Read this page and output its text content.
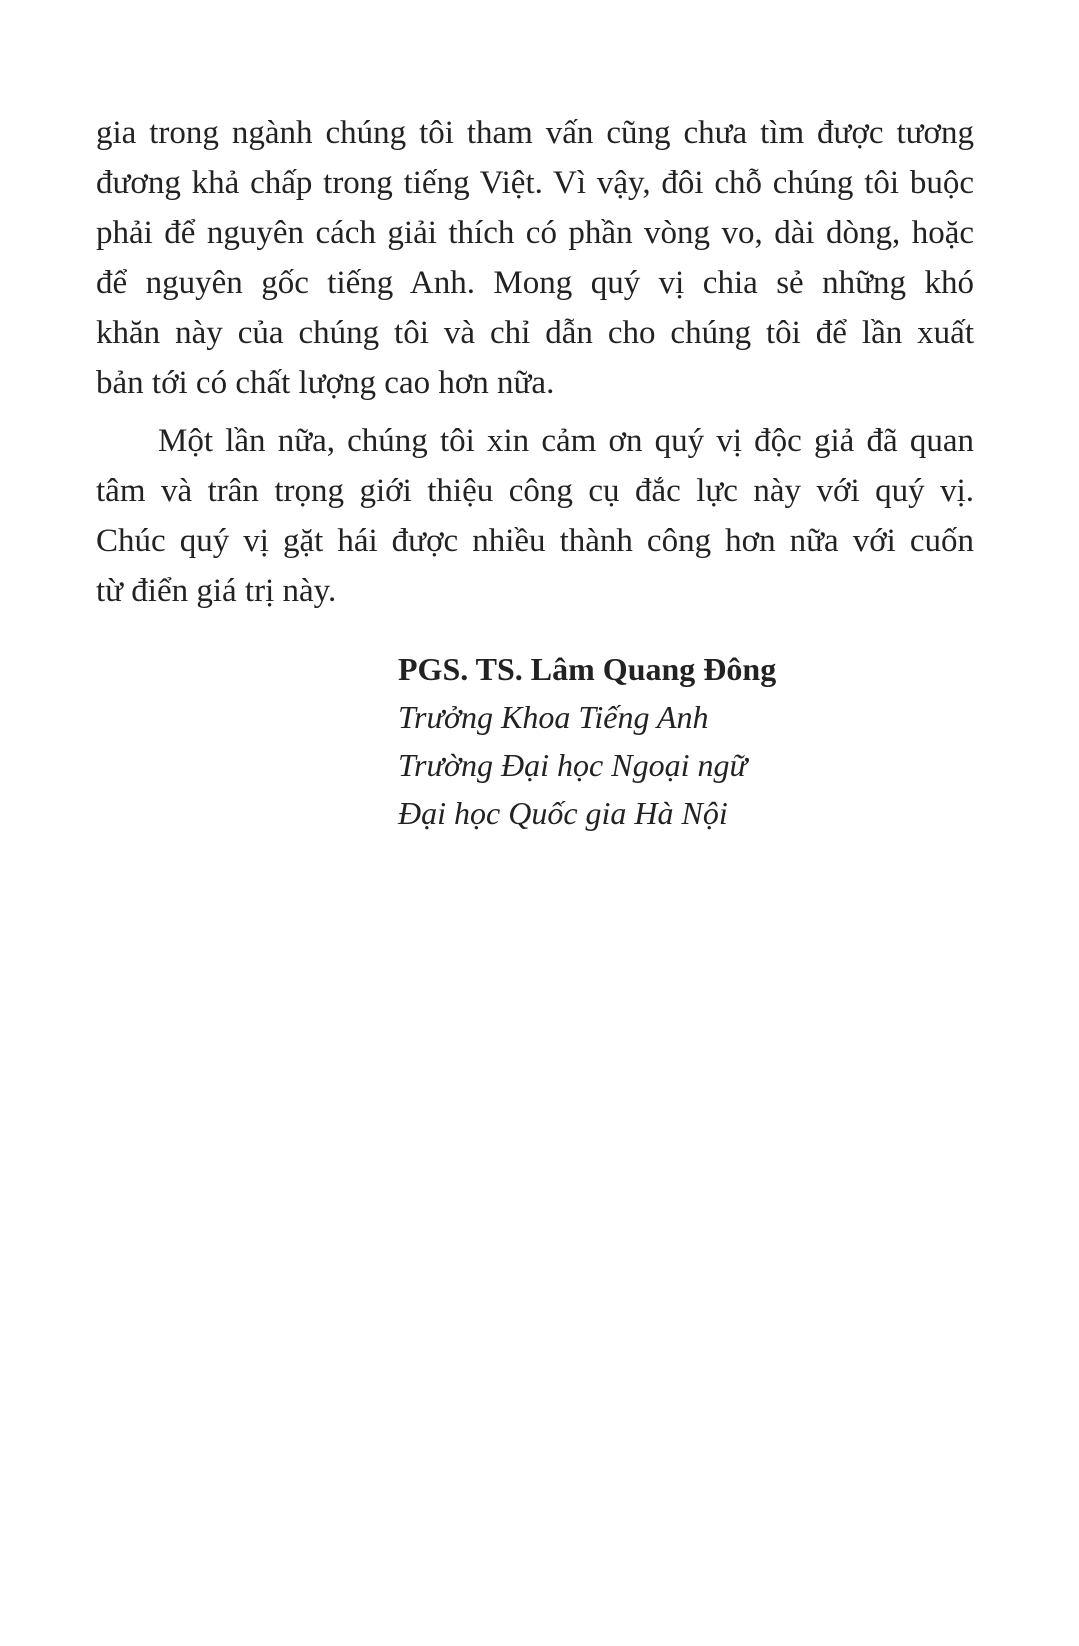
gia trong ngành chúng tôi tham vấn cũng chưa tìm được tương
đương khả chấp trong tiếng Việt. Vì vậy, đôi chỗ chúng tôi buộc
phải để nguyên cách giải thích có phần vòng vo, dài dòng, hoặc
để nguyên gốc tiếng Anh. Mong quý vị chia sẻ những khó
khăn này của chúng tôi và chỉ dẫn cho chúng tôi để lần xuất
bản tới có chất lượng cao hơn nữa.
Một lần nữa, chúng tôi xin cảm ơn quý vị độc giả đã quan
tâm và trân trọng giới thiệu công cụ đắc lực này với quý vị.
Chúc quý vị gặt hái được nhiều thành công hơn nữa với cuốn
từ điển giá trị này.
PGS. TS. Lâm Quang Đông
Trưởng Khoa Tiếng Anh
Trường Đại học Ngoại ngữ
Đại học Quốc gia Hà Nội
